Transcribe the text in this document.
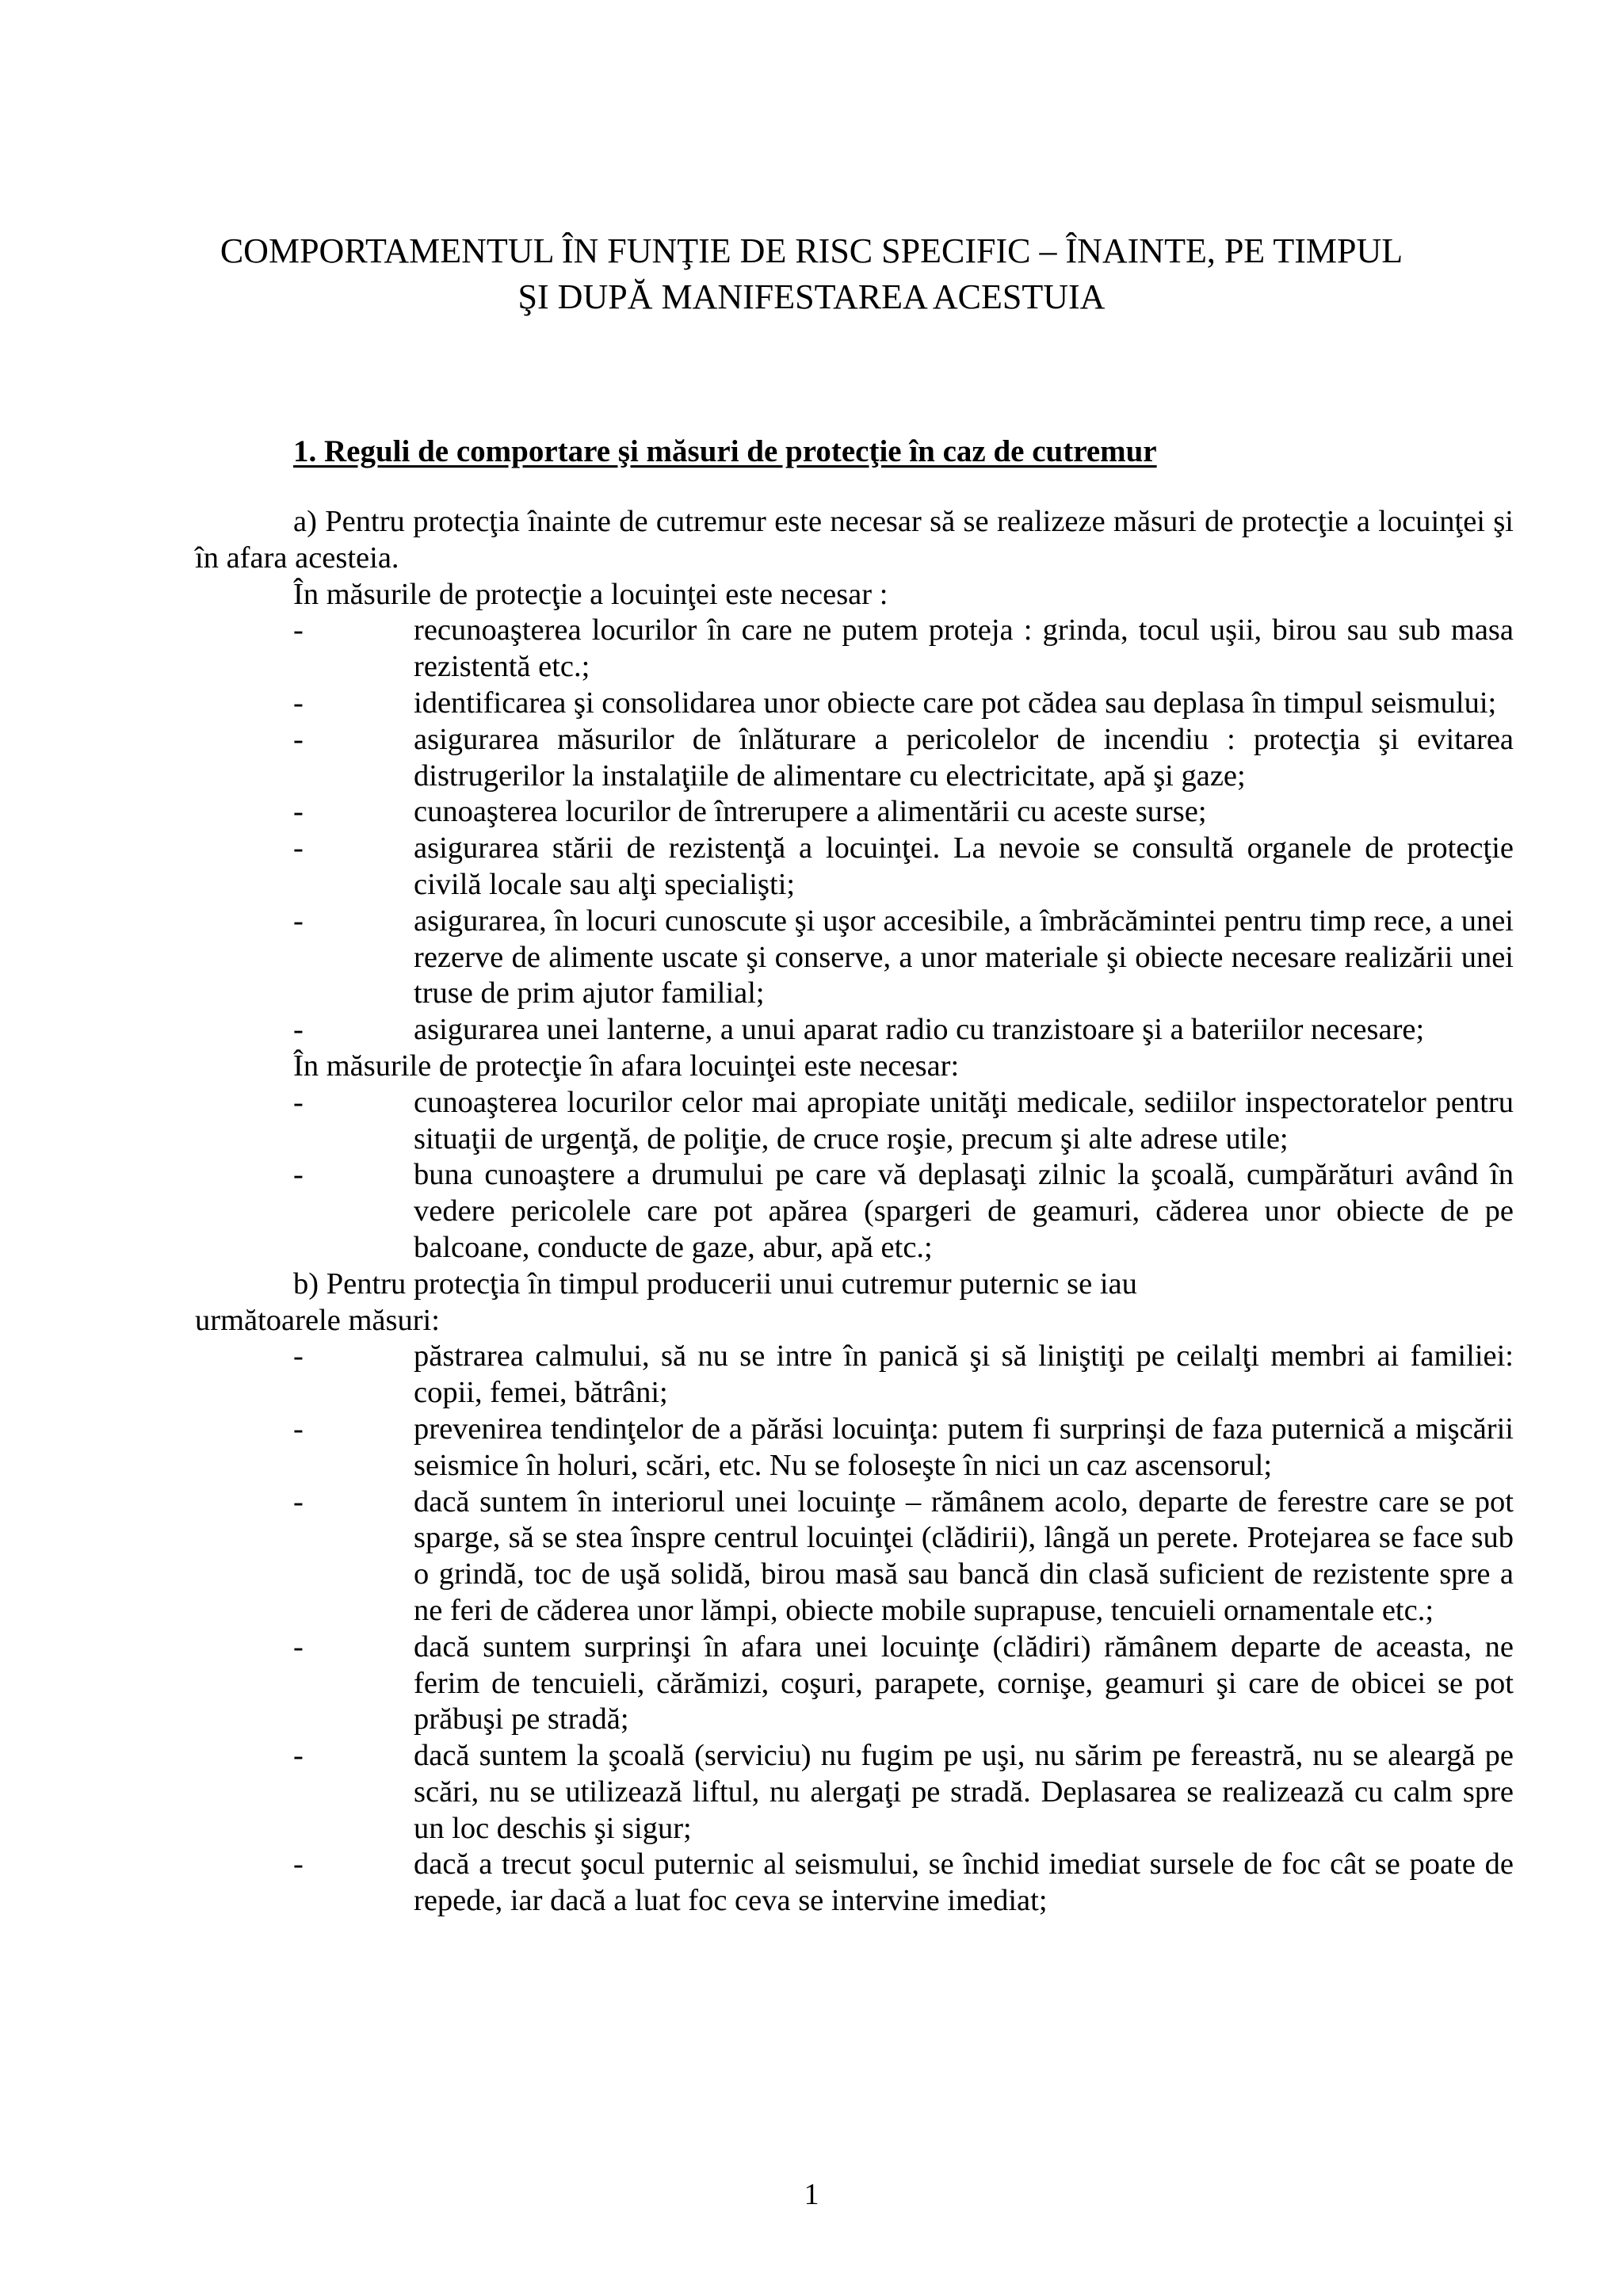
COMPORTAMENTUL ÎN FUNŢIE DE RISC SPECIFIC – ÎNAINTE, PE TIMPUL
ŞI DUPĂ MANIFESTAREA ACESTUIA
1. Reguli de comportare şi măsuri de protecţie în caz de cutremur

a) Pentru protecţia înainte de cutremur este necesar să se realizeze măsuri de protecţie a locuinţei şi în afara acesteia.

În măsurile de protecţie a locuinţei este necesar :

-	recunoaşterea locurilor în care ne putem proteja : grinda, tocul uşii, birou sau sub masa rezistentă etc.;
-	identificarea şi consolidarea unor obiecte care pot cădea sau deplasa în timpul seismului;
-	asigurarea măsurilor de înlăturare a pericolelor de incendiu : protecţia şi evitarea distrugerilor la instalaţiile de alimentare cu electricitate, apă şi gaze;
-	cunoaşterea locurilor de întrerupere a alimentării cu aceste surse;
-	asigurarea stării de rezistenţă a locuinţei. La nevoie se consultă organele de protecţie civilă locale sau alţi specialişti;
-	asigurarea, în locuri cunoscute şi uşor accesibile, a îmbrăcămintei pentru timp rece, a unei rezerve de alimente uscate şi conserve, a unor materiale şi obiecte necesare realizării unei truse de prim ajutor familial;
-	asigurarea unei lanterne, a unui aparat radio cu tranzistoare şi a bateriilor necesare;

În măsurile de protecţie în afara locuinţei este necesar:

-	cunoaşterea locurilor celor mai apropiate unităţi medicale, sediilor inspectoratelor pentru situaţii de urgenţă, de poliţie, de cruce roşie, precum şi alte adrese utile;
-	buna cunoaştere a drumului pe care vă deplasaţi zilnic la şcoală, cumpărături având în vedere pericolele care pot apărea (spargeri de geamuri, căderea unor obiecte de pe balcoane, conducte de gaze, abur, apă etc.;

b) Pentru protecţia în timpul producerii unui cutremur puternic se iau

următoarele măsuri:

-	păstrarea calmului, să nu se intre în panică şi să liniştiţi pe ceilalţi membri ai familiei: copii, femei, bătrâni;
-	prevenirea tendinţelor de a părăsi locuinţa: putem fi surprinşi de faza puternică a mişcării seismice în holuri, scări, etc. Nu se foloseşte în nici un caz ascensorul;
-	dacă suntem în interiorul unei locuinţe – rămânem acolo, departe de ferestre care se pot sparge, să se stea înspre centrul locuinţei (clădirii), lângă un perete. Protejarea se face sub o grindă, toc de uşă solidă, birou masă sau bancă din clasă suficient de rezistente spre a ne feri de căderea unor lămpi, obiecte mobile suprapuse, tencuieli ornamentale etc.;
-	dacă suntem surprinşi în afara unei locuinţe (clădiri) rămânem departe de aceasta, ne ferim de tencuieli, cărămizi, coşuri, parapete, cornişe, geamuri şi care de obicei se pot prăbuşi pe stradă;
-	dacă suntem la şcoală (serviciu) nu fugim pe uşi, nu sărim pe fereastră, nu se aleargă pe scări, nu se utilizează liftul, nu alergaţi pe stradă. Deplasarea se realizează cu calm spre un loc deschis şi sigur;
-	dacă a trecut şocul puternic al seismului, se închid imediat sursele de foc cât se poate de repede, iar dacă a luat foc ceva se intervine imediat;
1
